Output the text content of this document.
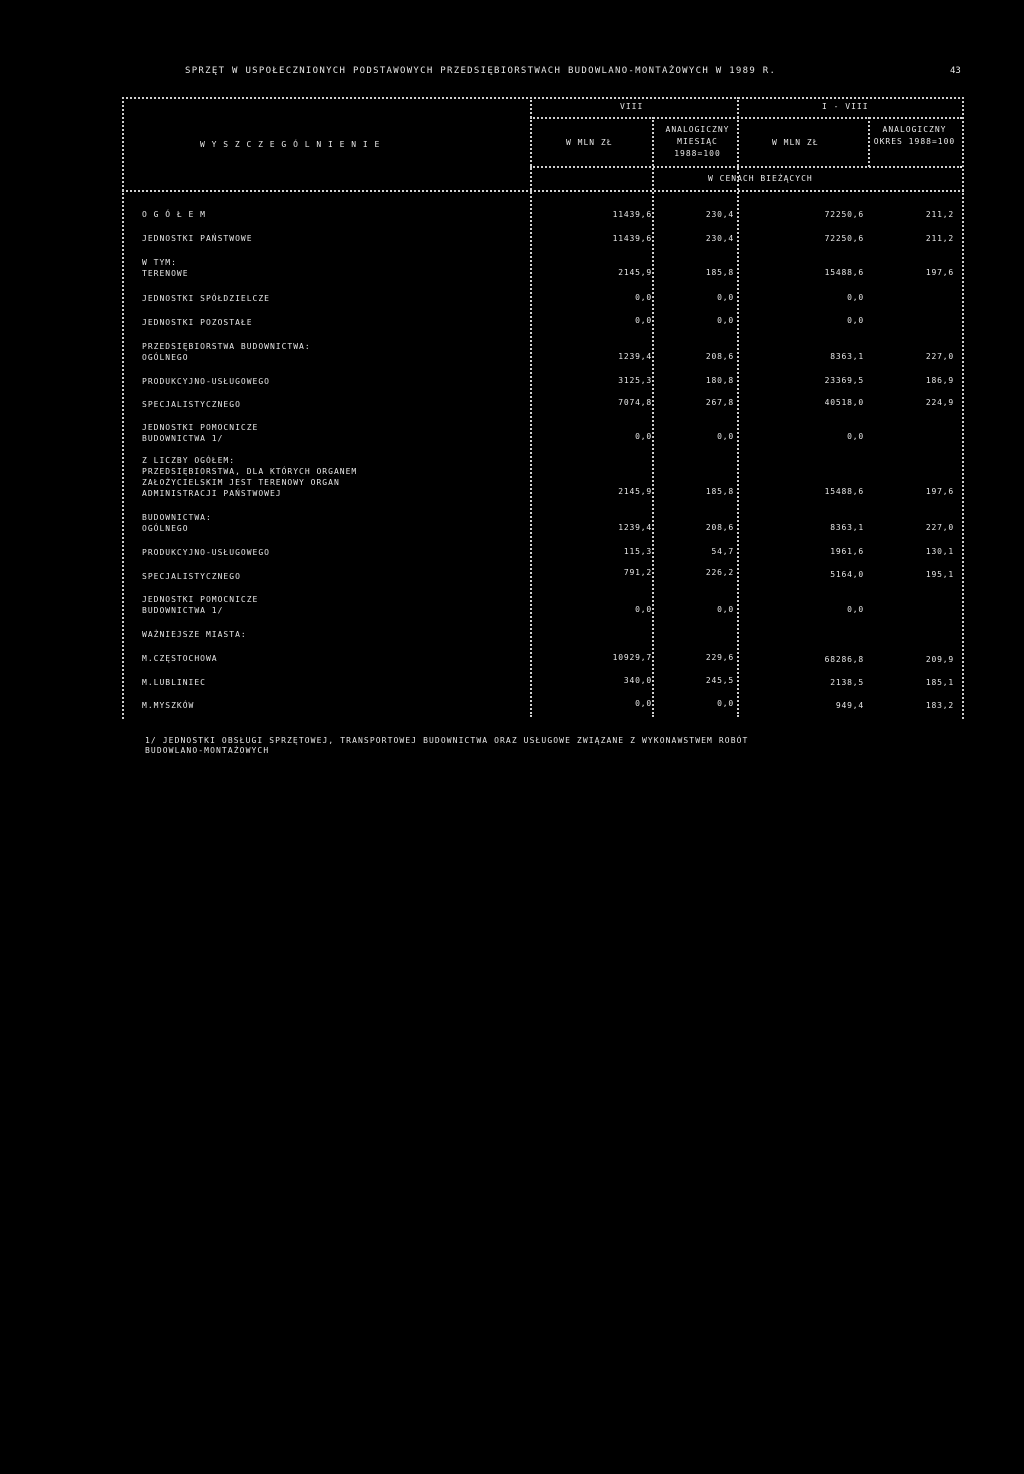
SPRZĘT W USPOŁECZNIONYCH PODSTAWOWYCH PRZEDSIĘBIORSTWACH BUDOWLANO-MONTAŻOWYCH W 1989 R.	43
W Y S Z C Z E G Ó L N I E N I E
VIII	I - VIII
W MLN ZŁ
ANALOGICZNY MIESIĄC 1988=100
W MLN ZŁ
ANALOGICZNY OKRES 1988=100
W CENACH BIEŻĄCYCH
O G Ó Ł E M	11439,6	230,4	72250,6	211,2
JEDNOSTKI PAŃSTWOWE	11439,6	230,4	72250,6	211,2
W TYM:
TERENOWE	2145,9	185,8	15488,6	197,6
JEDNOSTKI SPÓŁDZIELCZE	0,0	0,0	0,0
JEDNOSTKI POZOSTAŁE	0,0	0,0	0,0
PRZEDSIĘBIORSTWA BUDOWNICTWA:
OGÓLNEGO	1239,4	208,6	8363,1	227,0
PRODUKCYJNO-USŁUGOWEGO	3125,3	180,8	23369,5	186,9
SPECJALISTYCZNEGO	7074,8	267,8	40518,0	224,9
JEDNOSTKI POMOCNICZE
BUDOWNICTWA 1/	0,0	0,0	0,0
Z LICZBY OGÓŁEM:
PRZEDSIĘBIORSTWA, DLA KTÓRYCH ORGANEM
ZAŁOŻYCIELSKIM JEST TERENOWY ORGAN
ADMINISTRACJI PAŃSTWOWEJ	2145,9	185,8	15488,6	197,6
BUDOWNICTWA:
OGÓLNEGO	1239,4	208,6	8363,1	227,0
PRODUKCYJNO-USŁUGOWEGO	115,3	54,7	1961,6	130,1
SPECJALISTYCZNEGO	791,2	226,2	5164,0	195,1
JEDNOSTKI POMOCNICZE
BUDOWNICTWA 1/	0,0	0,0	0,0
WAŻNIEJSZE MIASTA:
M.CZĘSTOCHOWA	10929,7	229,6	68286,8	209,9
M.LUBLINIEC	340,0	245,5	2138,5	185,1
M.MYSZKÓW	0,0	0,0	949,4	183,2
1/ JEDNOSTKI OBSŁUGI SPRZĘTOWEJ, TRANSPORTOWEJ BUDOWNICTWA ORAZ USŁUGOWE ZWIĄZANE Z WYKONAWSTWEM ROBÓT
BUDOWLANO-MONTAŻOWYCH
